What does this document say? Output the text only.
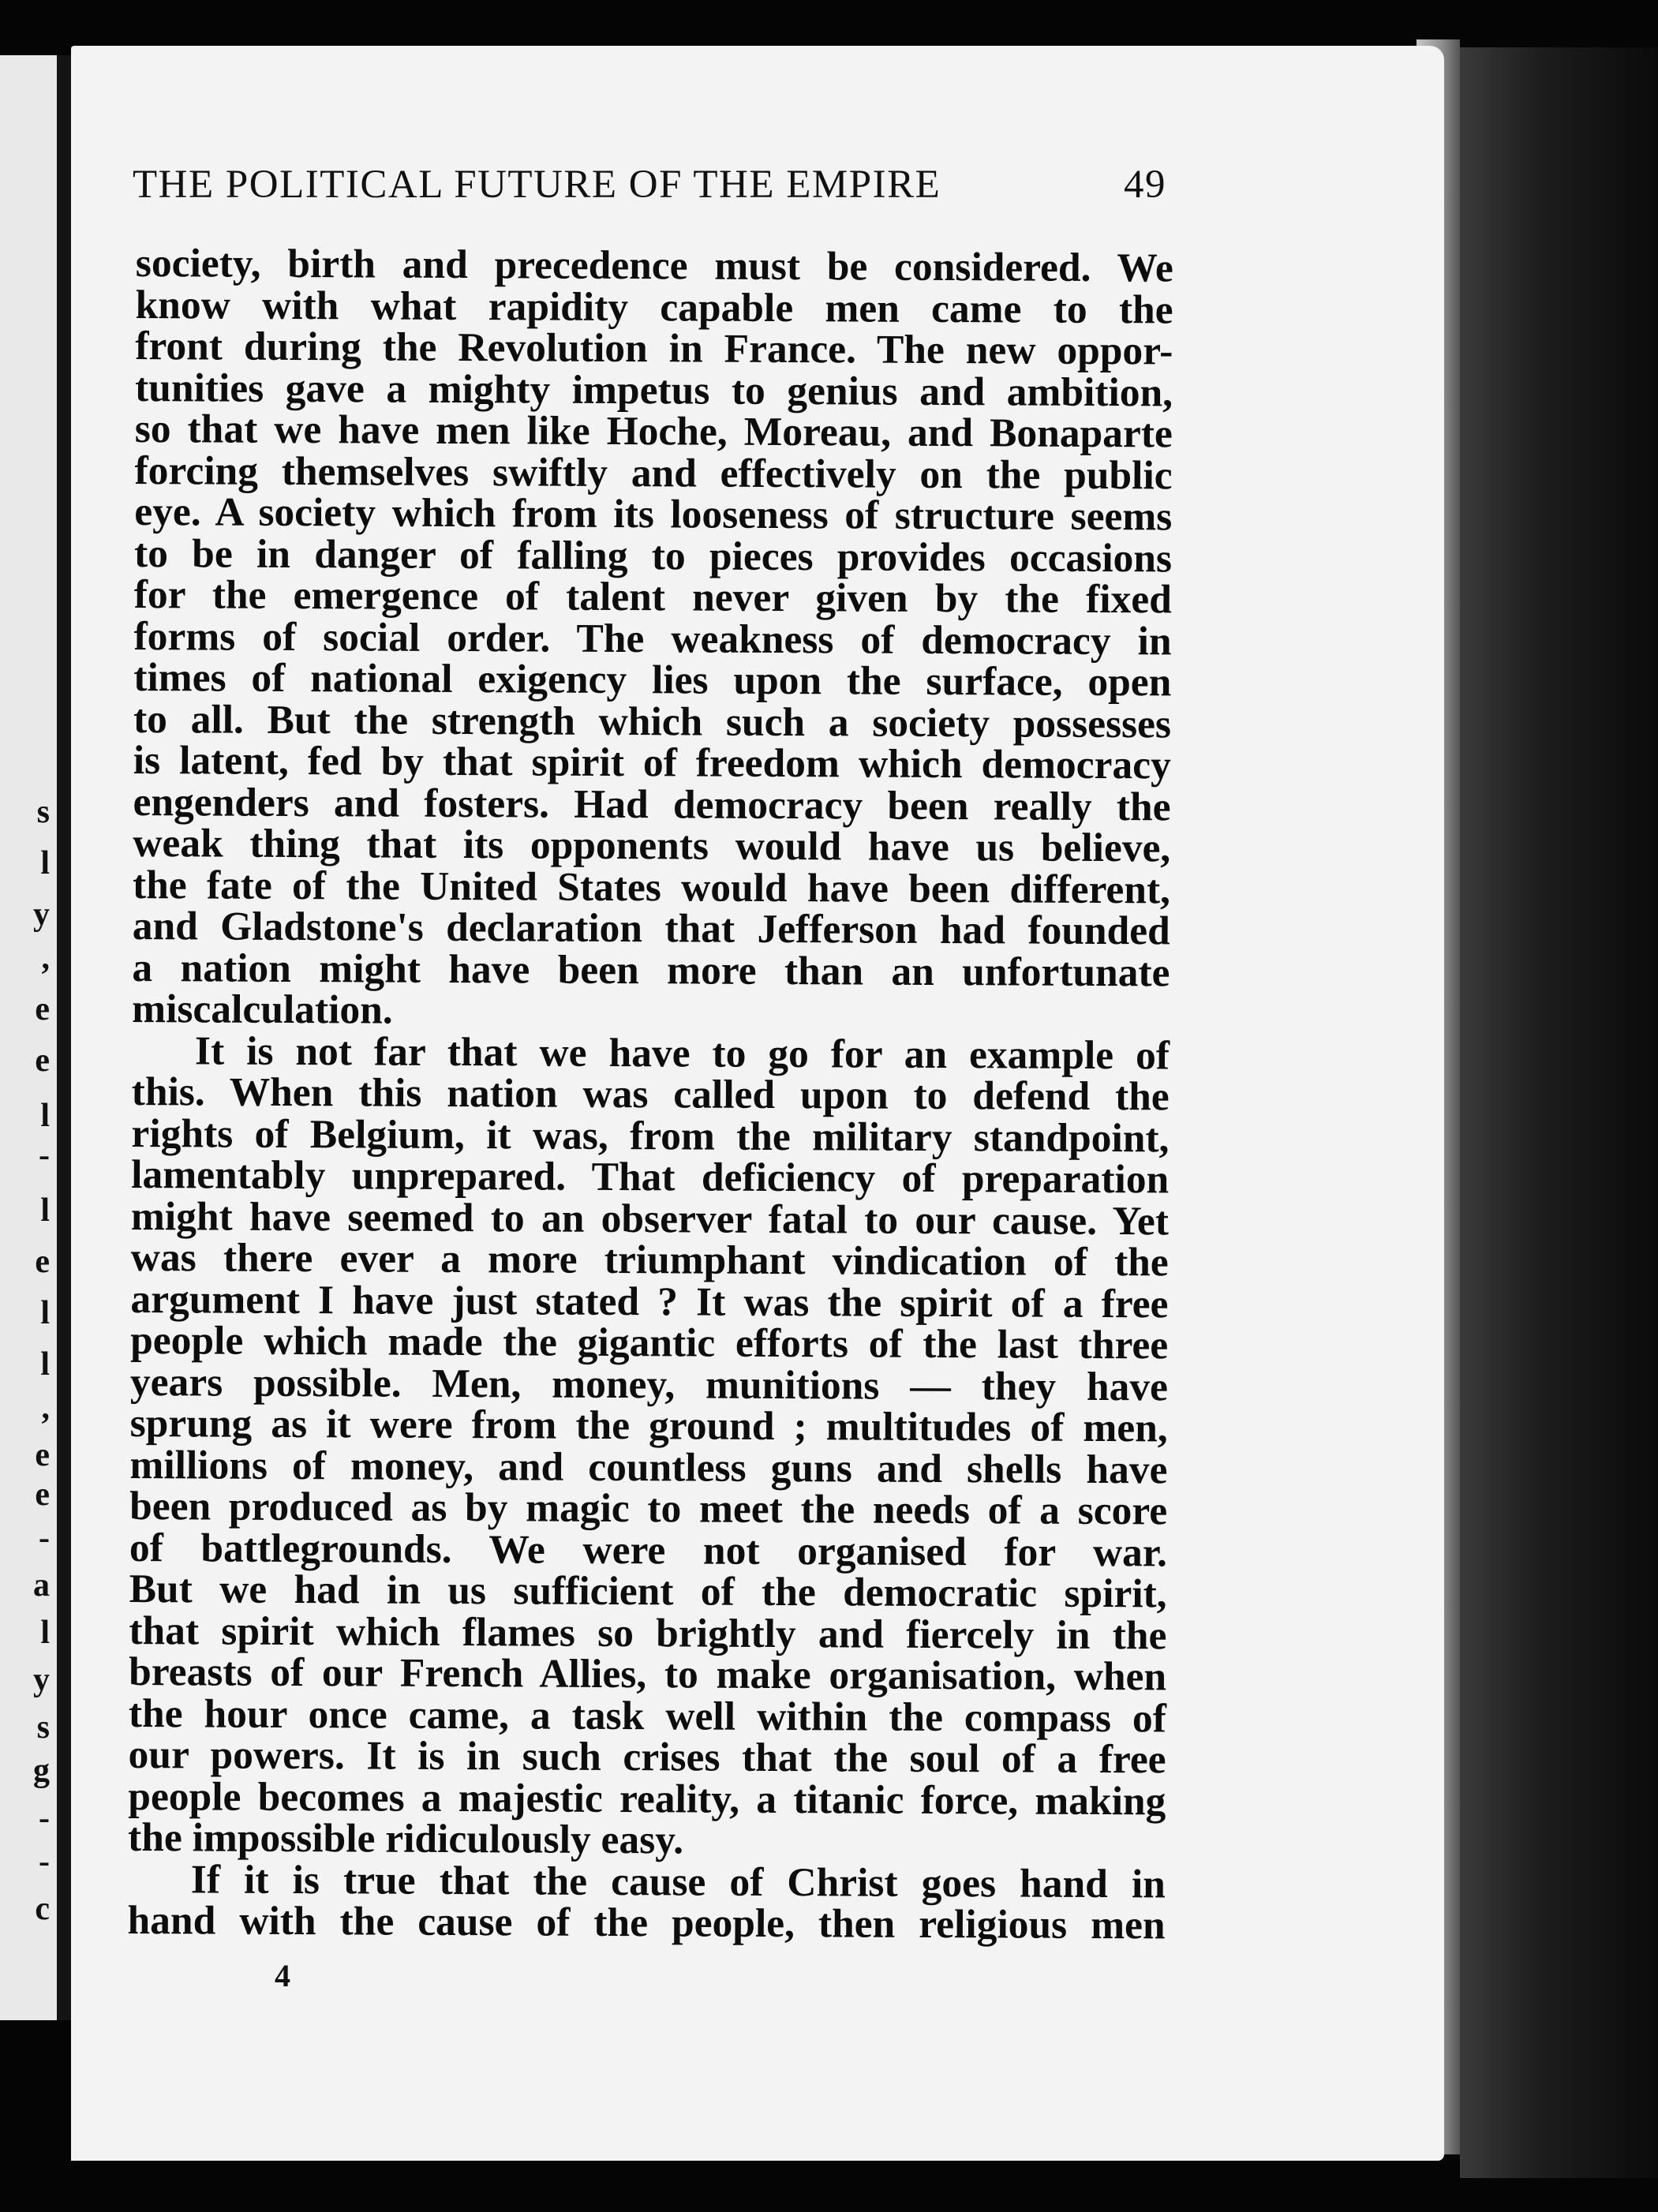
s
l
y
,
e
e
l
-
l
e
l
l
,
e
e
-
a
l
y
s
g
-
-
c
THE POLITICAL FUTURE OF THE EMPIRE	49
society, birth and precedence must be considered. We
know with what rapidity capable men came to the
front during the Revolution in France. The new oppor-
tunities gave a mighty impetus to genius and ambition,
so that we have men like Hoche, Moreau, and Bonaparte
forcing themselves swiftly and effectively on the public
eye. A society which from its looseness of structure seems
to be in danger of falling to pieces provides occasions
for the emergence of talent never given by the fixed
forms of social order. The weakness of democracy in
times of national exigency lies upon the surface, open
to all. But the strength which such a society possesses
is latent, fed by that spirit of freedom which democracy
engenders and fosters. Had democracy been really the
weak thing that its opponents would have us believe,
the fate of the United States would have been different,
and Gladstone's declaration that Jefferson had founded
a nation might have been more than an unfortunate
miscalculation.
It is not far that we have to go for an example of
this. When this nation was called upon to defend the
rights of Belgium, it was, from the military standpoint,
lamentably unprepared. That deficiency of preparation
might have seemed to an observer fatal to our cause. Yet
was there ever a more triumphant vindication of the
argument I have just stated ? It was the spirit of a free
people which made the gigantic efforts of the last three
years possible. Men, money, munitions — they have
sprung as it were from the ground ; multitudes of men,
millions of money, and countless guns and shells have
been produced as by magic to meet the needs of a score
of battlegrounds. We were not organised for war.
But we had in us sufficient of the democratic spirit,
that spirit which flames so brightly and fiercely in the
breasts of our French Allies, to make organisation, when
the hour once came, a task well within the compass of
our powers. It is in such crises that the soul of a free
people becomes a majestic reality, a titanic force, making
the impossible ridiculously easy.
If it is true that the cause of Christ goes hand in
hand with the cause of the people, then religious men
4
